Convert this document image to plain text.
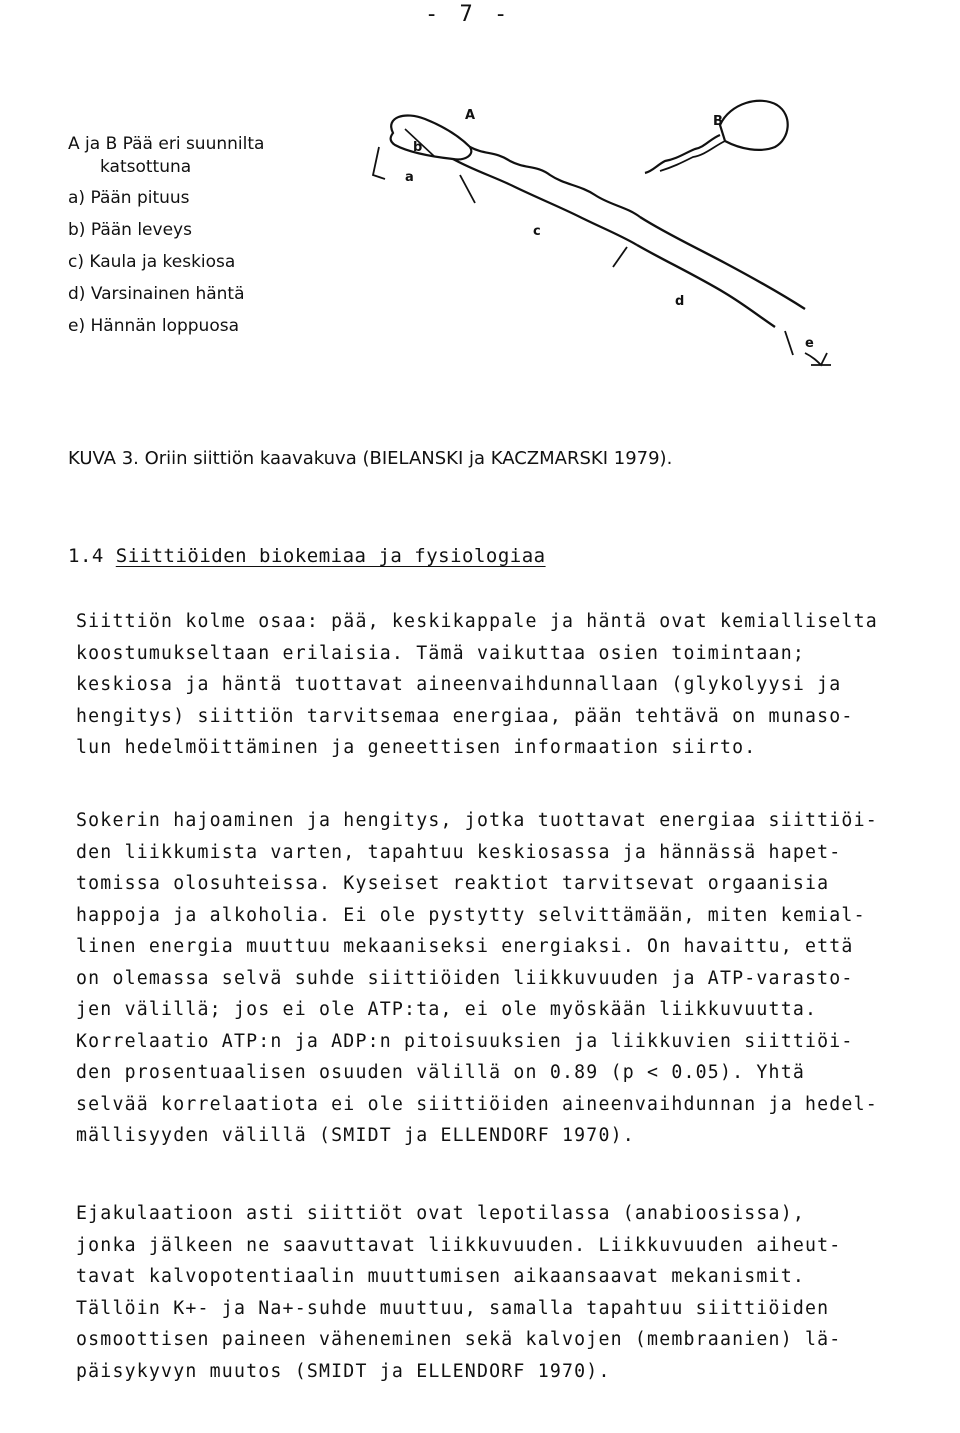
- 7 -
A ja B Pää eri suunnilta
katsottuna
a) Pään pituus
b) Pään leveys
c) Kaula ja keskiosa
d) Varsinainen häntä
e) Hännän loppuosa
A	B
a
b
c
d
e
KUVA 3. Oriin siittiön kaavakuva (BIELANSKI ja KACZMARSKI 1979).
1.4 Siittiöiden biokemiaa ja fysiologiaa
Siittiön kolme osaa: pää, keskikappale ja häntä ovat kemialliselta
koostumukseltaan erilaisia. Tämä vaikuttaa osien toimintaan;
keskiosa ja häntä tuottavat aineenvaihdunnallaan (glykolyysi ja
hengitys) siittiön tarvitsemaa energiaa, pään tehtävä on munaso-
lun hedelmöittäminen ja geneettisen informaation siirto.
Sokerin hajoaminen ja hengitys, jotka tuottavat energiaa siittiöi-
den liikkumista varten, tapahtuu keskiosassa ja hännässä hapet-
tomissa olosuhteissa. Kyseiset reaktiot tarvitsevat orgaanisia
happoja ja alkoholia. Ei ole pystytty selvittämään, miten kemial-
linen energia muuttuu mekaaniseksi energiaksi. On havaittu, että
on olemassa selvä suhde siittiöiden liikkuvuuden ja ATP-varasto-
jen välillä; jos ei ole ATP:ta, ei ole myöskään liikkuvuutta.
Korrelaatio ATP:n ja ADP:n pitoisuuksien ja liikkuvien siittiöi-
den prosentuaalisen osuuden välillä on 0.89 (p < 0.05). Yhtä
selvää korrelaatiota ei ole siittiöiden aineenvaihdunnan ja hedel-
mällisyyden välillä (SMIDT ja ELLENDORF 1970).
Ejakulaatioon asti siittiöt ovat lepotilassa (anabioosissa),
jonka jälkeen ne saavuttavat liikkuvuuden. Liikkuvuuden aiheut-
tavat kalvopotentiaalin muuttumisen aikaansaavat mekanismit.
Tällöin K+- ja Na+-suhde muuttuu, samalla tapahtuu siittiöiden
osmoottisen paineen väheneminen sekä kalvojen (membraanien) lä-
päisykyvyn muutos (SMIDT ja ELLENDORF 1970).
